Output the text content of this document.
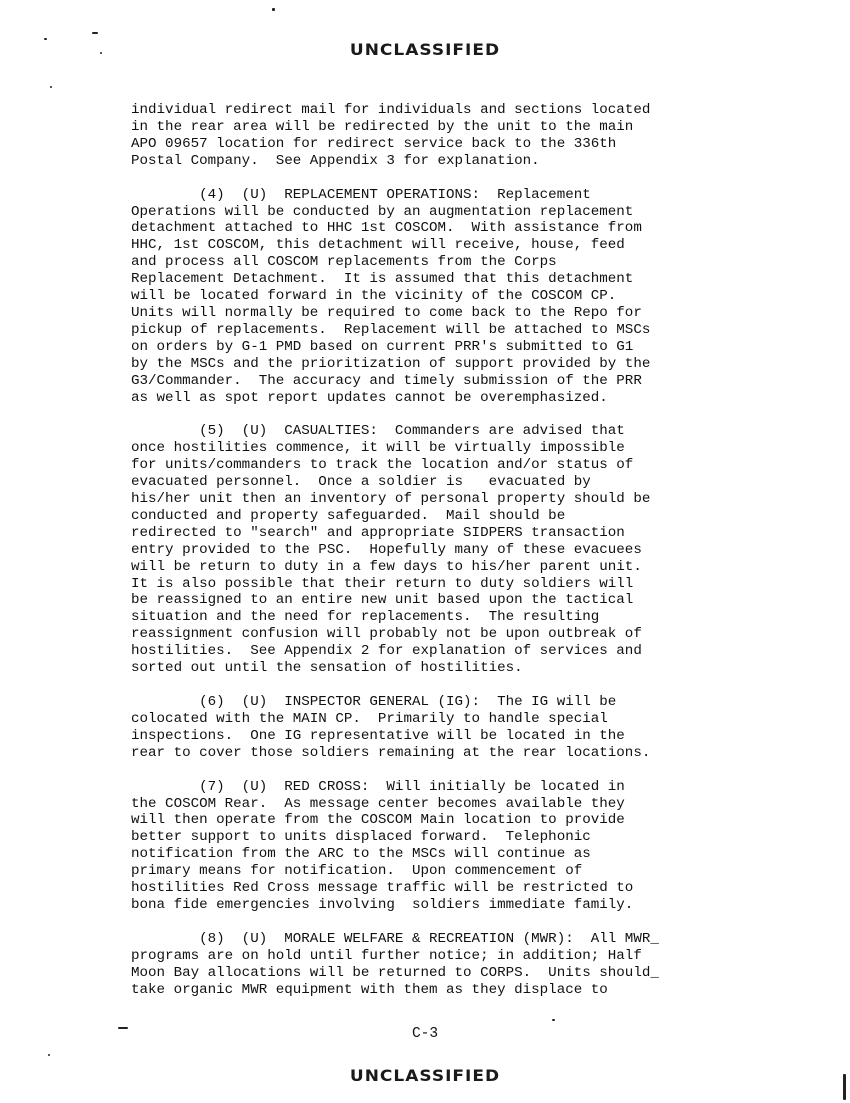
UNCLASSIFIED

individual redirect mail for individuals and sections located
in the rear area will be redirected by the unit to the main
APO 09657 location for redirect service back to the 336th
Postal Company.  See Appendix 3 for explanation.

(4)  (U)  REPLACEMENT OPERATIONS:  Replacement
Operations will be conducted by an augmentation replacement
detachment attached to HHC 1st COSCOM.  With assistance from
HHC, 1st COSCOM, this detachment will receive, house, feed
and process all COSCOM replacements from the Corps
Replacement Detachment.  It is assumed that this detachment
will be located forward in the vicinity of the COSCOM CP.
Units will normally be required to come back to the Repo for
pickup of replacements.  Replacement will be attached to MSCs
on orders by G-1 PMD based on current PRR's submitted to G1
by the MSCs and the prioritization of support provided by the
G3/Commander.  The accuracy and timely submission of the PRR
as well as spot report updates cannot be overemphasized.

(5)  (U)  CASUALTIES:  Commanders are advised that
once hostilities commence, it will be virtually impossible
for units/commanders to track the location and/or status of
evacuated personnel.  Once a soldier is   evacuated by
his/her unit then an inventory of personal property should be
conducted and property safeguarded.  Mail should be
redirected to "search" and appropriate SIDPERS transaction
entry provided to the PSC.  Hopefully many of these evacuees
will be return to duty in a few days to his/her parent unit.
It is also possible that their return to duty soldiers will
be reassigned to an entire new unit based upon the tactical
situation and the need for replacements.  The resulting
reassignment confusion will probably not be upon outbreak of
hostilities.  See Appendix 2 for explanation of services and
sorted out until the sensation of hostilities.

(6)  (U)  INSPECTOR GENERAL (IG):  The IG will be
colocated with the MAIN CP.  Primarily to handle special
inspections.  One IG representative will be located in the
rear to cover those soldiers remaining at the rear locations.

(7)  (U)  RED CROSS:  Will initially be located in
the COSCOM Rear.  As message center becomes available they
will then operate from the COSCOM Main location to provide
better support to units displaced forward.  Telephonic
notification from the ARC to the MSCs will continue as
primary means for notification.  Upon commencement of
hostilities Red Cross message traffic will be restricted to
bona fide emergencies involving  soldiers immediate family.

(8)  (U)  MORALE WELFARE & RECREATION (MWR):  All MWR_
programs are on hold until further notice; in addition; Half
Moon Bay allocations will be returned to CORPS.  Units should_
take organic MWR equipment with them as they displace to

C-3
UNCLASSIFIED
